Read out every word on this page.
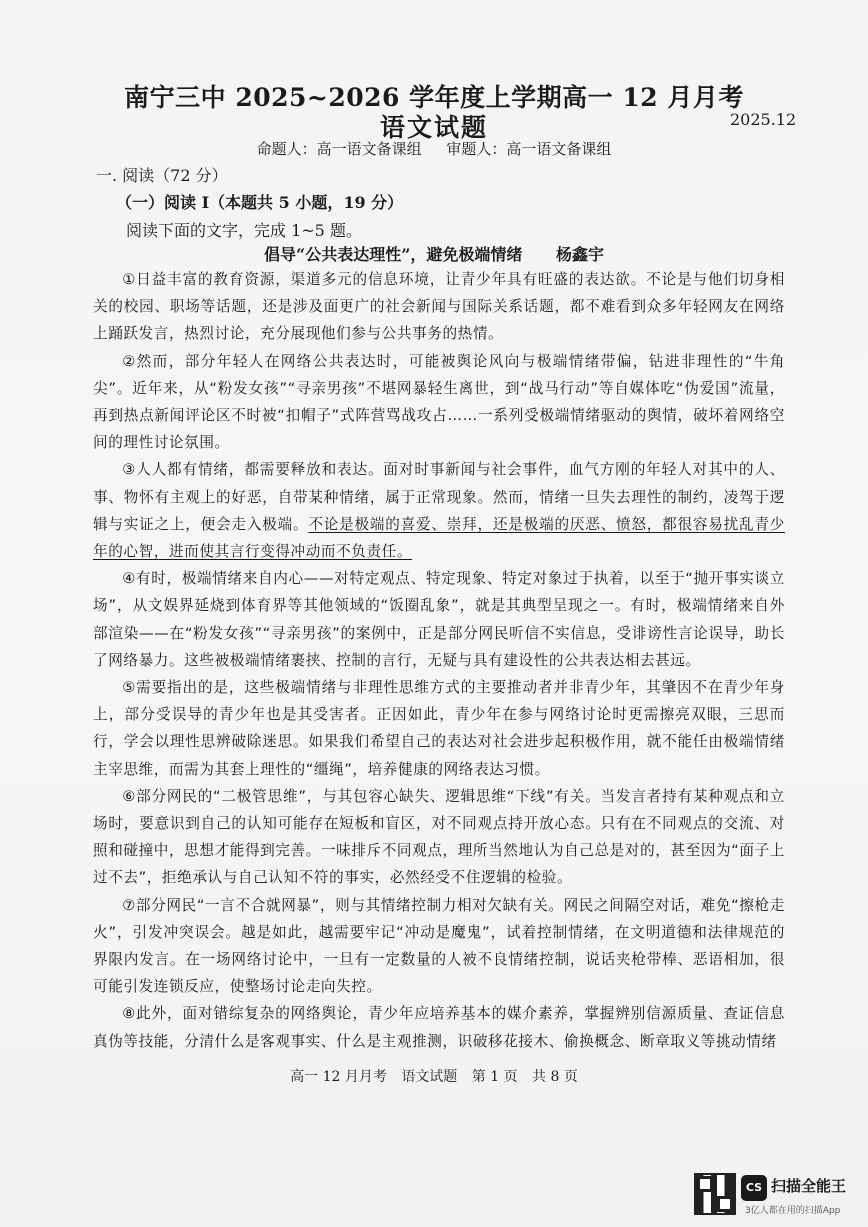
南宁三中 2025~2026 学年度上学期高一 12 月月考
语文试题	2025.12
命题人：高一语文备课组 审题人：高一语文备课组
一. 阅读（72 分）
（一）阅读 I（本题共 5 小题，19 分）
阅读下面的文字，完成 1~5 题。
倡导“公共表达理性”，避免极端情绪 杨鑫宇

①日益丰富的教育资源，渠道多元的信息环境，让青少年具有旺盛的表达欲。不论是与他们切身相关的校园、职场等话题，还是涉及面更广的社会新闻与国际关系话题，都不难看到众多年轻网友在网络上踊跃发言，热烈讨论，充分展现他们参与公共事务的热情。

②然而，部分年轻人在网络公共表达时，可能被舆论风向与极端情绪带偏，钻进非理性的“牛角尖”。近年来，从“粉发女孩”“寻亲男孩”不堪网暴轻生离世，到“战马行动”等自媒体吃“伪爱国”流量，再到热点新闻评论区不时被“扣帽子”式阵营骂战攻占……一系列受极端情绪驱动的舆情，破坏着网络空间的理性讨论氛围。

③人人都有情绪，都需要释放和表达。面对时事新闻与社会事件，血气方刚的年轻人对其中的人、事、物怀有主观上的好恶，自带某种情绪，属于正常现象。然而，情绪一旦失去理性的制约，凌驾于逻辑与实证之上，便会走入极端。不论是极端的喜爱、崇拜，还是极端的厌恶、愤怒，都很容易扰乱青少年的心智，进而使其言行变得冲动而不负责任。

④有时，极端情绪来自内心——对特定观点、特定现象、特定对象过于执着，以至于“抛开事实谈立场”，从文娱界延烧到体育界等其他领域的“饭圈乱象”，就是其典型呈现之一。有时，极端情绪来自外部渲染——在“粉发女孩”“寻亲男孩”的案例中，正是部分网民听信不实信息，受诽谤性言论误导，助长了网络暴力。这些被极端情绪裹挟、控制的言行，无疑与具有建设性的公共表达相去甚远。

⑤需要指出的是，这些极端情绪与非理性思维方式的主要推动者并非青少年，其肇因不在青少年身上，部分受误导的青少年也是其受害者。正因如此，青少年在参与网络讨论时更需擦亮双眼，三思而行，学会以理性思辨破除迷思。如果我们希望自己的表达对社会进步起积极作用，就不能任由极端情绪主宰思维，而需为其套上理性的“缰绳”，培养健康的网络表达习惯。

⑥部分网民的“二极管思维”，与其包容心缺失、逻辑思维“下线”有关。当发言者持有某种观点和立场时，要意识到自己的认知可能存在短板和盲区，对不同观点持开放心态。只有在不同观点的交流、对照和碰撞中，思想才能得到完善。一味排斥不同观点，理所当然地认为自己总是对的，甚至因为“面子上过不去”，拒绝承认与自己认知不符的事实，必然经受不住逻辑的检验。

⑦部分网民“一言不合就网暴”，则与其情绪控制力相对欠缺有关。网民之间隔空对话，难免“擦枪走火”，引发冲突误会。越是如此，越需要牢记“冲动是魔鬼”，试着控制情绪，在文明道德和法律规范的界限内发言。在一场网络讨论中，一旦有一定数量的人被不良情绪控制，说话夹枪带棒、恶语相加，很可能引发连锁反应，使整场讨论走向失控。

⑧此外，面对错综复杂的网络舆论，青少年应培养基本的媒介素养，掌握辨别信源质量、查证信息真伪等技能，分清什么是客观事实、什么是主观推测，识破移花接木、偷换概念、断章取义等挑动情绪

高一 12 月月考 语文试题 第 1 页 共 8 页
CS 扫描全能王
3亿人都在用的扫描App
